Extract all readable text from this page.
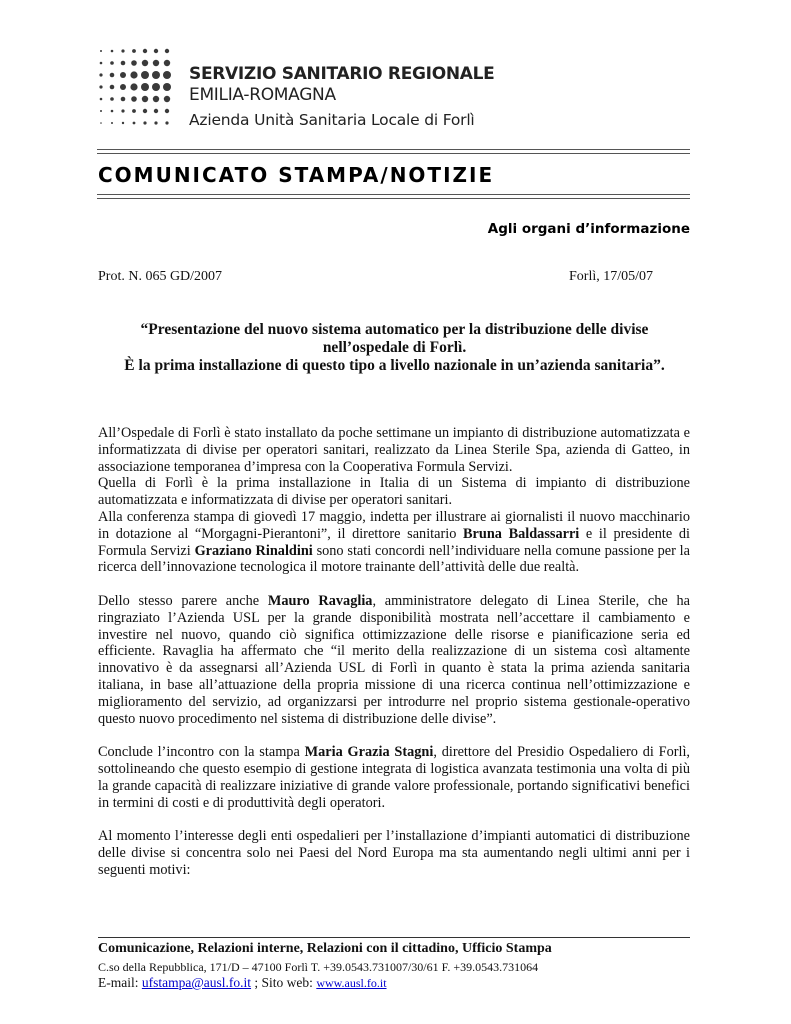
SERVIZIO SANITARIO REGIONALE
EMILIA-ROMAGNA
Azienda Unità Sanitaria Locale di Forlì
COMUNICATO STAMPA/NOTIZIE
Agli organi d’informazione
Prot. N. 065 GD/2007	Forlì, 17/05/07
“Presentazione del nuovo sistema automatico per la distribuzione delle divise
nell’ospedale di Forlì.
È la prima installazione di questo tipo a livello nazionale in un’azienda sanitaria”.

All’Ospedale di Forlì è stato installato da poche settimane un impianto di distribuzione automatizzata e informatizzata di divise per operatori sanitari, realizzato da Linea Sterile Spa, azienda di Gatteo, in associazione temporanea d’impresa con la Cooperativa Formula Servizi.

Quella di Forlì è la prima installazione in Italia di un Sistema di impianto di distribuzione automatizzata e informatizzata di divise per operatori sanitari.

Alla conferenza stampa di giovedì 17 maggio, indetta per illustrare ai giornalisti il nuovo macchinario in dotazione al “Morgagni-Pierantoni”, il direttore sanitario Bruna Baldassarri e il presidente di Formula Servizi Graziano Rinaldini sono stati concordi nell’individuare nella comune passione per la ricerca dell’innovazione tecnologica il motore trainante dell’attività delle due realtà.

Dello stesso parere anche Mauro Ravaglia, amministratore delegato di Linea Sterile, che ha ringraziato l’Azienda USL per la grande disponibilità mostrata nell’accettare il cambiamento e investire nel nuovo, quando ciò significa ottimizzazione delle risorse e pianificazione seria ed efficiente. Ravaglia ha affermato che “il merito della realizzazione di un sistema così altamente innovativo è da assegnarsi all’Azienda USL di Forlì in quanto è stata la prima azienda sanitaria italiana, in base all’attuazione della propria missione di una ricerca continua nell’ottimizzazione e miglioramento del servizio, ad organizzarsi per introdurre nel proprio sistema gestionale-operativo questo nuovo procedimento nel sistema di distribuzione delle divise”.

Conclude l’incontro con la stampa Maria Grazia Stagni, direttore del Presidio Ospedaliero di Forlì, sottolineando che questo esempio di gestione integrata di logistica avanzata testimonia una volta di più la grande capacità di realizzare iniziative di grande valore professionale, portando significativi benefici in termini di costi e di produttività degli operatori.

Al momento l’interesse degli enti ospedalieri per l’installazione d’impianti automatici di distribuzione delle divise si concentra solo nei Paesi del Nord Europa ma sta aumentando negli ultimi anni per i seguenti motivi:

Comunicazione, Relazioni interne, Relazioni con il cittadino, Ufficio Stampa
C.so della Repubblica, 171/D – 47100 Forlì T. +39.0543.731007/30/61 F. +39.0543.731064
E-mail: ufstampa@ausl.fo.it ; Sito web: www.ausl.fo.it
